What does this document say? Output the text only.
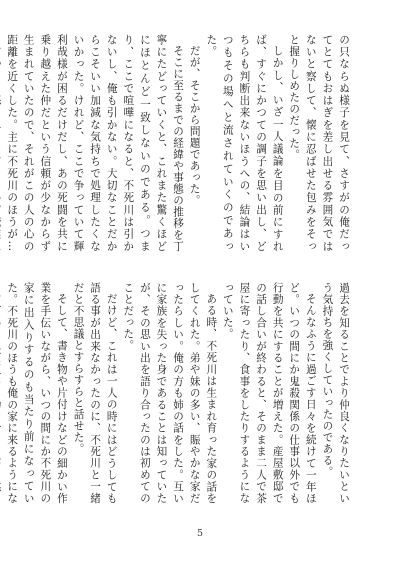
の只ならぬ様子を見て、さすがの俺だってとてもおはぎを差し出せる雰囲気ではないと察して、懐に忍ばせた包みをそっと握りしめたのだった。

しかし、いざ一人議論を目の前にすれば、すぐにかつての調子を思い出し、どちらも判断出来ないほうへの、結論はいつもその場へと流されていくのであった。

だが、そこから問題であった。

そこに至るまでの経緯や事態の推移を丁寧にたどっていくと、これまた驚くほどにほとんど一致しないのである。つまり、ここで喧嘩になると、不死川は引かないし、俺も引かない。大切なことだからこそいい加減な気持ちで処理したくないかった。けれど、ここで争っていて輝利哉様が困るだけだし、あの死闘を共に乗り越えた仲だという信頼が少なからず生まれていたので、それがこの人の心の距離を近くした。主に不死川のほうが…

過去を知ることでより仲良くなりたいという気持ちを強くしていったのである。

そんなふうに過ごす日々を続けて一年ほど。いつの間にか鬼殺関係の仕事以外でも行動を共にすることが増えた。産屋敷邸での話し合いが終わると、そのまま二人で茶屋に寄ったり、食事をしたりするようになっていた。

ある時、不死川は生まれ育った家の話をしてくれた。弟や妹の多い、賑やかな家だったらしい。俺の方も姉の話をした。互いに家族を失った身であることは知っていたが、その思い出を語り合ったのは初めてのことだった。

だけど、これは一人の時にはどうしても語る事が出来なかったのに、不死川と一緒だと不思議とすらすらと話せた。

そして、書き物や片付けなどの細かい作業を手伝いながら、いつの間にか不死川の家に出入りするのも当たり前になっていた。不死川のほうも俺の家に来るようにな

5
